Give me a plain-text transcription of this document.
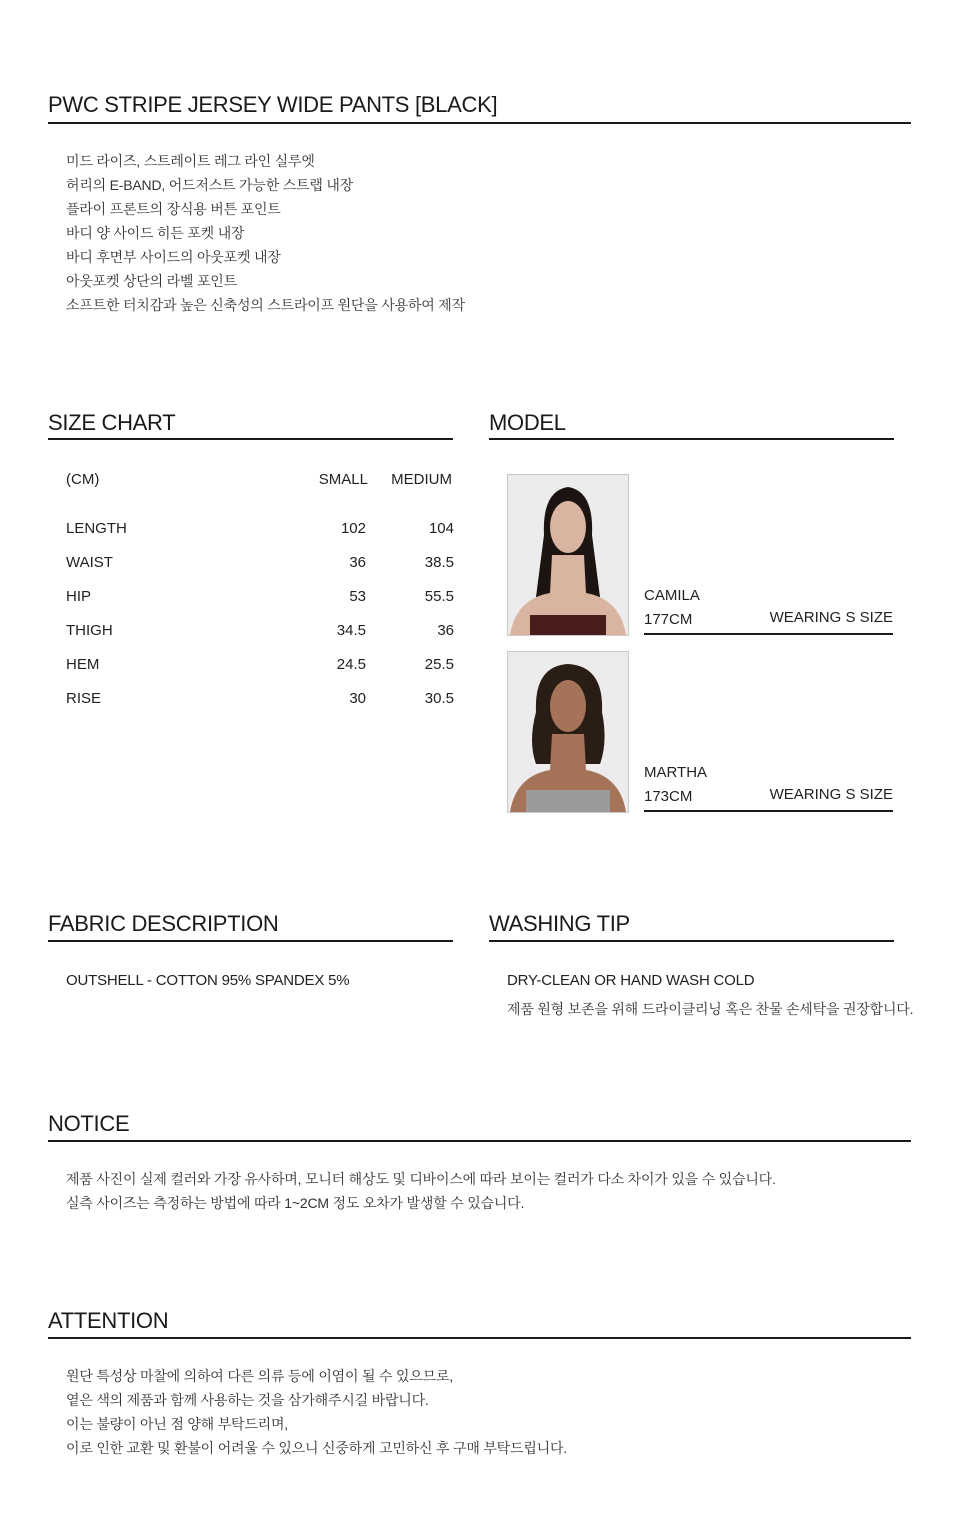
PWC STRIPE JERSEY WIDE PANTS [BLACK]
미드 라이즈, 스트레이트 레그 라인 실루엣
허리의 E-BAND, 어드저스트 가능한 스트랩 내장
플라이 프론트의 장식용 버튼 포인트
바디 양 사이드 히든 포켓 내장
바디 후면부 사이드의 아웃포켓 내장
아웃포켓 상단의 라벨 포인트
소프트한 터치감과 높은 신축성의 스트라이프 원단을 사용하여 제작
SIZE CHART
(CM)	SMALL MEDIUM
LENGTH	102	104
WAIST	36	38.5
HIP	53	55.5
THIGH	34.5	36
HEM	24.5	25.5
RISE	30	30.5
MODEL
CAMILA
177CM	WEARING S SIZE
MARTHA
173CM	WEARING S SIZE
FABRIC DESCRIPTION
OUTSHELL - COTTON 95% SPANDEX 5%
WASHING TIP
DRY-CLEAN OR HAND WASH COLD
제품 원형 보존을 위해 드라이클리닝 혹은 찬물 손세탁을 권장합니다.
NOTICE
제품 사진이 실제 컬러와 가장 유사하며, 모니터 해상도 및 디바이스에 따라 보이는 컬러가 다소 차이가 있을 수 있습니다.
실측 사이즈는 측정하는 방법에 따라 1~2CM 정도 오차가 발생할 수 있습니다.
ATTENTION
원단 특성상 마찰에 의하여 다른 의류 등에 이염이 될 수 있으므로,
옅은 색의 제품과 함께 사용하는 것을 삼가해주시길 바랍니다.
이는 불량이 아닌 점 양해 부탁드리며,
이로 인한 교환 및 환불이 어려울 수 있으니 신중하게 고민하신 후 구매 부탁드립니다.
